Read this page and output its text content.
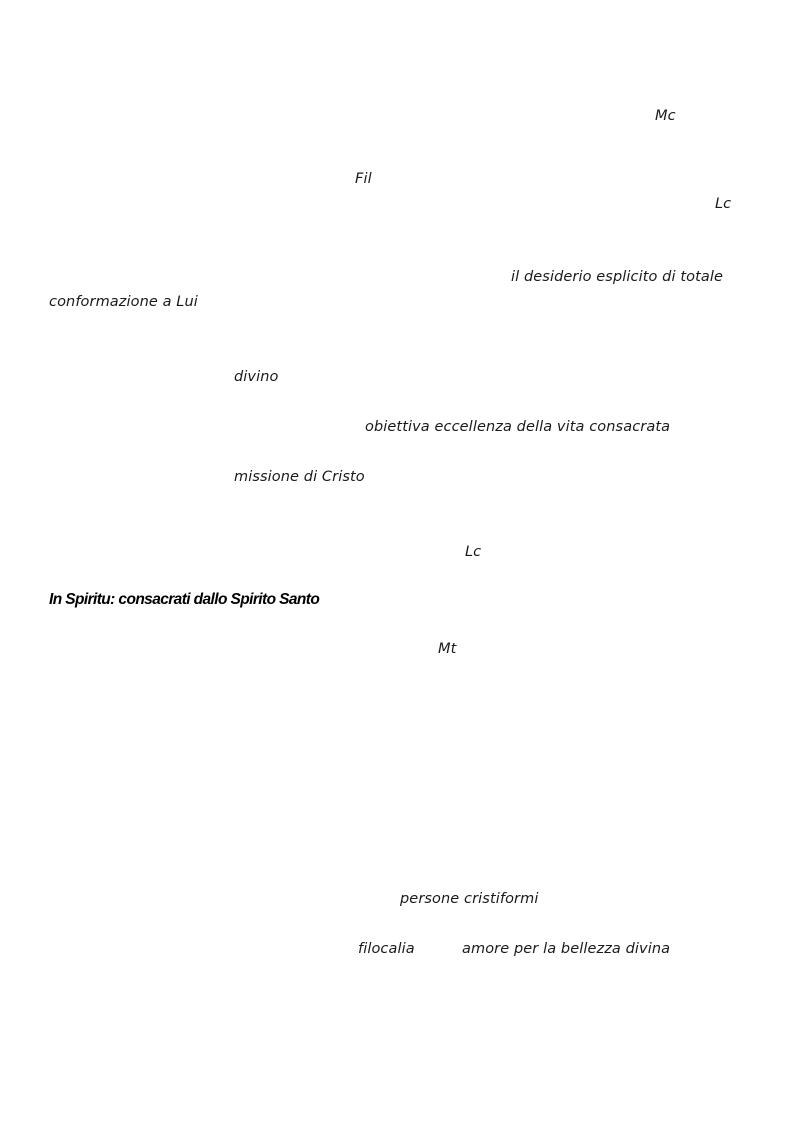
Mc
Fil
Lc
il desiderio esplicito di totale
conformazione a Lui
divino
obiettiva eccellenza della vita consacrata
missione di Cristo
Lc
In Spiritu: consacrati dallo Spirito Santo
Mt
persone cristiformi
filocalia	amore per la bellezza divina
